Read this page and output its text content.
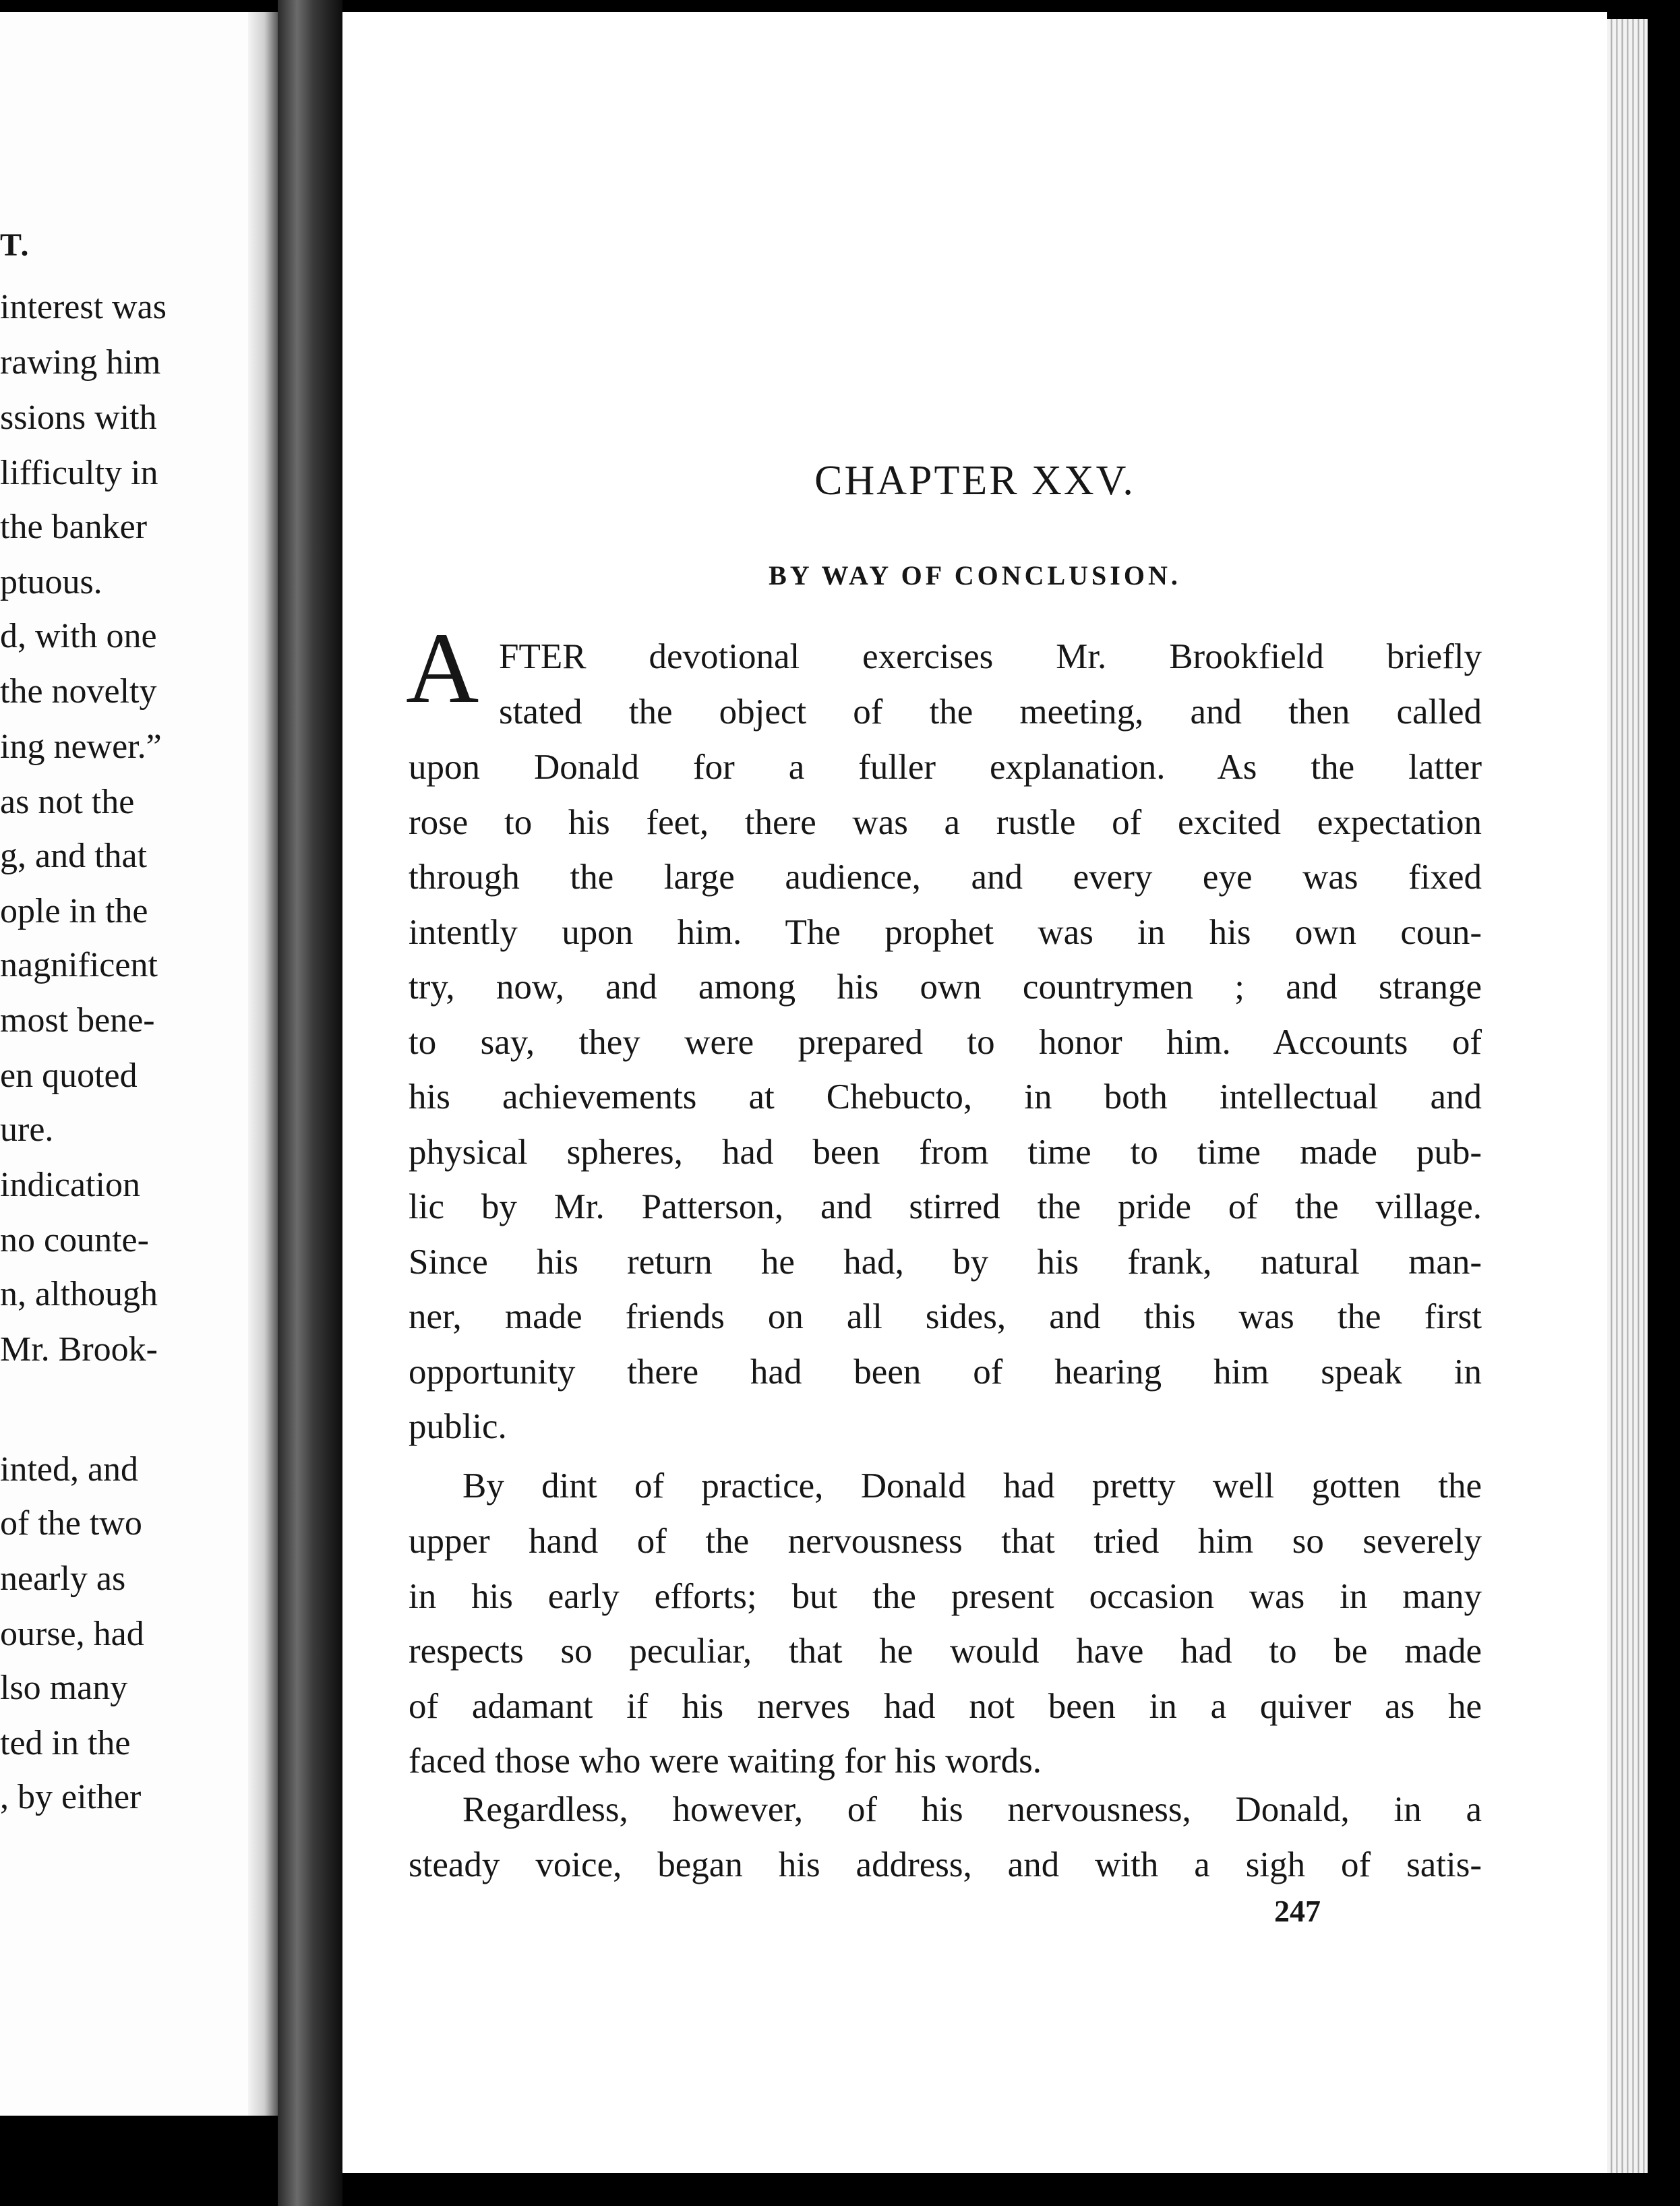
T.
interest was
rawing him
ssions with
lifficulty in
the banker
ptuous.
d, with one
the novelty
ing newer.”
as not the
g, and that
ople in the
nagnificent
most bene-
en quoted
ure.
indication
no counte-
n, although
Mr. Brook-
inted, and
of the two
nearly as
ourse, had
lso many
ted in the
, by either
CHAPTER XXV.
BY WAY OF CONCLUSION.
A FTER devotional exercises Mr. Brookfield briefly
stated the object of the meeting, and then called
upon Donald for a fuller explanation. As the latter
rose to his feet, there was a rustle of excited expectation
through the large audience, and every eye was fixed
intently upon him. The prophet was in his own coun-
try, now, and among his own countrymen ; and strange
to say, they were prepared to honor him. Accounts of
his achievements at Chebucto, in both intellectual and
physical spheres, had been from time to time made pub-
lic by Mr. Patterson, and stirred the pride of the village.
Since his return he had, by his frank, natural man-
ner, made friends on all sides, and this was the first
opportunity there had been of hearing him speak in
public.
By dint of practice, Donald had pretty well gotten the
upper hand of the nervousness that tried him so severely
in his early efforts; but the present occasion was in many
respects so peculiar, that he would have had to be made
of adamant if his nerves had not been in a quiver as he
faced those who were waiting for his words.
Regardless, however, of his nervousness, Donald, in a
steady voice, began his address, and with a sigh of satis-
247
